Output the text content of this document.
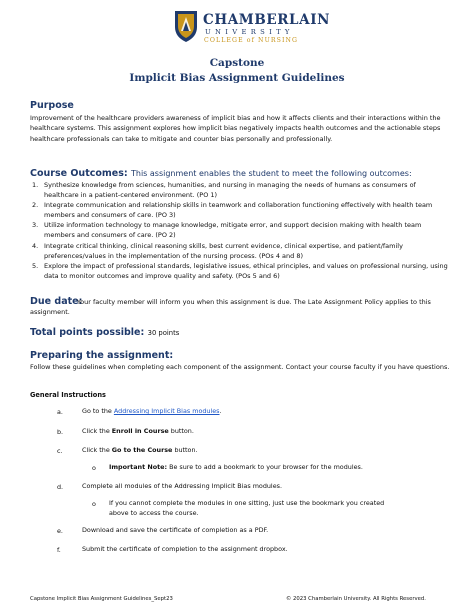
CHAMBERLAIN
UNIVERSITY
COLLEGE of NURSING
Capstone
Implicit Bias Assignment Guidelines
Purpose
Improvement of the healthcare providers awareness of implicit bias and how it affects clients and their interactions within the healthcare systems. This assignment explores how implicit bias negatively impacts health outcomes and the actionable steps healthcare professionals can take to mitigate and counter bias personally and professionally.
Course Outcomes: This assignment enables the student to meet the following outcomes:
1. Synthesize knowledge from sciences, humanities, and nursing in managing the needs of humans as consumers of healthcare in a patient-centered environment. (PO 1)
2. Integrate communication and relationship skills in teamwork and collaboration functioning effectively with health team members and consumers of care. (PO 3)
3. Utilize information technology to manage knowledge, mitigate error, and support decision making with health team members and consumers of care. (PO 2)
4. Integrate critical thinking, clinical reasoning skills, best current evidence, clinical expertise, and patient/family preferences/values in the implementation of the nursing process. (POs 4 and 8)
5. Explore the impact of professional standards, legislative issues, ethical principles, and values on professional nursing, using data to monitor outcomes and improve quality and safety. (POs 5 and 6)
Due date:
Your faculty member will inform you when this assignment is due. The Late Assignment Policy applies to this assignment.
Total points possible: 30 points
Preparing the assignment:
Follow these guidelines when completing each component of the assignment. Contact your course faculty if you have questions.
General Instructions
a.	Go to the Addressing Implicit Bias modules.
b.	Click the Enroll in Course button.
c.	Click the Go to the Course button.
o Important Note: Be sure to add a bookmark to your browser for the modules.
d.	Complete all modules of the Addressing Implicit Bias modules.
o If you cannot complete the modules in one sitting, just use the bookmark you created
above to access the course.
e.	Download and save the certificate of completion as a PDF.
f.	Submit the certificate of completion to the assignment dropbox.
Capstone Implicit Bias Assignment Guidelines_Sept23	© 2023 Chamberlain University. All Rights Reserved.
